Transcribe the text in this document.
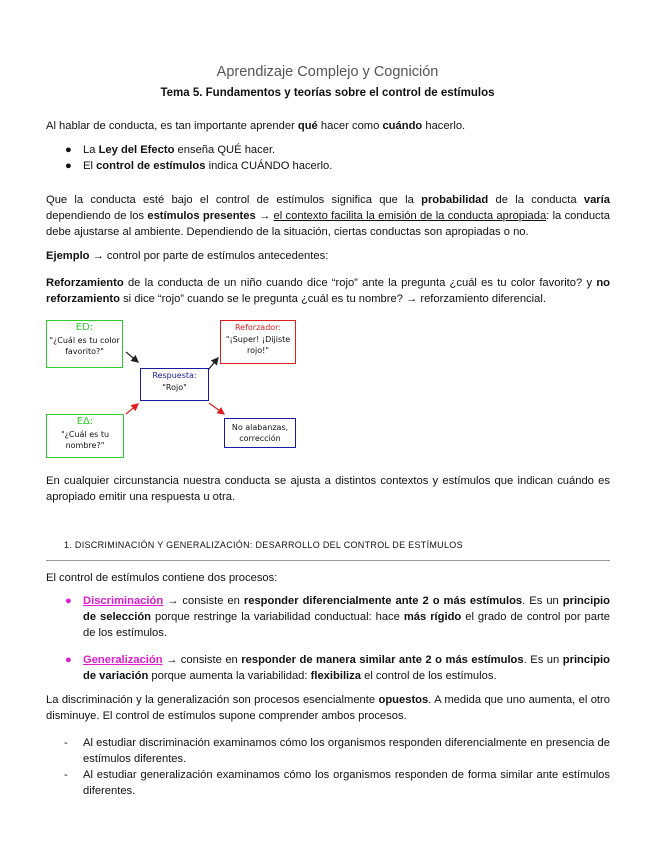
Aprendizaje Complejo y Cognición
Tema 5. Fundamentos y teorías sobre el control de estímulos

Al hablar de conducta, es tan importante aprender qué hacer como cuándo hacerlo.

● La Ley del Efecto enseña QUÉ hacer.
● El control de estímulos indica CUÁNDO hacerlo.

Que la conducta esté bajo el control de estímulos significa que la probabilidad de la conducta varía dependiendo de los estímulos presentes → el contexto facilita la emisión de la conducta apropiada: la conducta debe ajustarse al ambiente. Dependiendo de la situación, ciertas conductas son apropiadas o no.

Ejemplo → control por parte de estímulos antecedentes:

Reforzamiento de la conducta de un niño cuando dice “rojo” ante la pregunta ¿cuál es tu color favorito? y no reforzamiento si dice “rojo” cuando se le pregunta ¿cuál es tu nombre? → reforzamiento diferencial.

ED:
"¿Cuál es tu color favorito?"
Respuesta:
"Rojo"
Reforzador:
"¡Super! ¡Dijiste rojo!"
EΔ:
"¿Cuál es tu nombre?"
No alabanzas, corrección

En cualquier circunstancia nuestra conducta se ajusta a distintos contextos y estímulos que indican cuándo es apropiado emitir una respuesta u otra.

1. DISCRIMINACIÓN Y GENERALIZACIÓN: DESARROLLO DEL CONTROL DE ESTÍMULOS

El control de estímulos contiene dos procesos:

● Discriminación → consiste en responder diferencialmente ante 2 o más estímulos. Es un principio de selección porque restringe la variabilidad conductual: hace más rígido el grado de control por parte de los estímulos.
● Generalización → consiste en responder de manera similar ante 2 o más estímulos. Es un principio de variación porque aumenta la variabilidad: flexibiliza el control de los estímulos.

La discriminación y la generalización son procesos esencialmente opuestos. A medida que uno aumenta, el otro disminuye. El control de estímulos supone comprender ambos procesos.

- Al estudiar discriminación examinamos cómo los organismos responden diferencialmente en presencia de estímulos diferentes.
- Al estudiar generalización examinamos cómo los organismos responden de forma similar ante estímulos diferentes.
